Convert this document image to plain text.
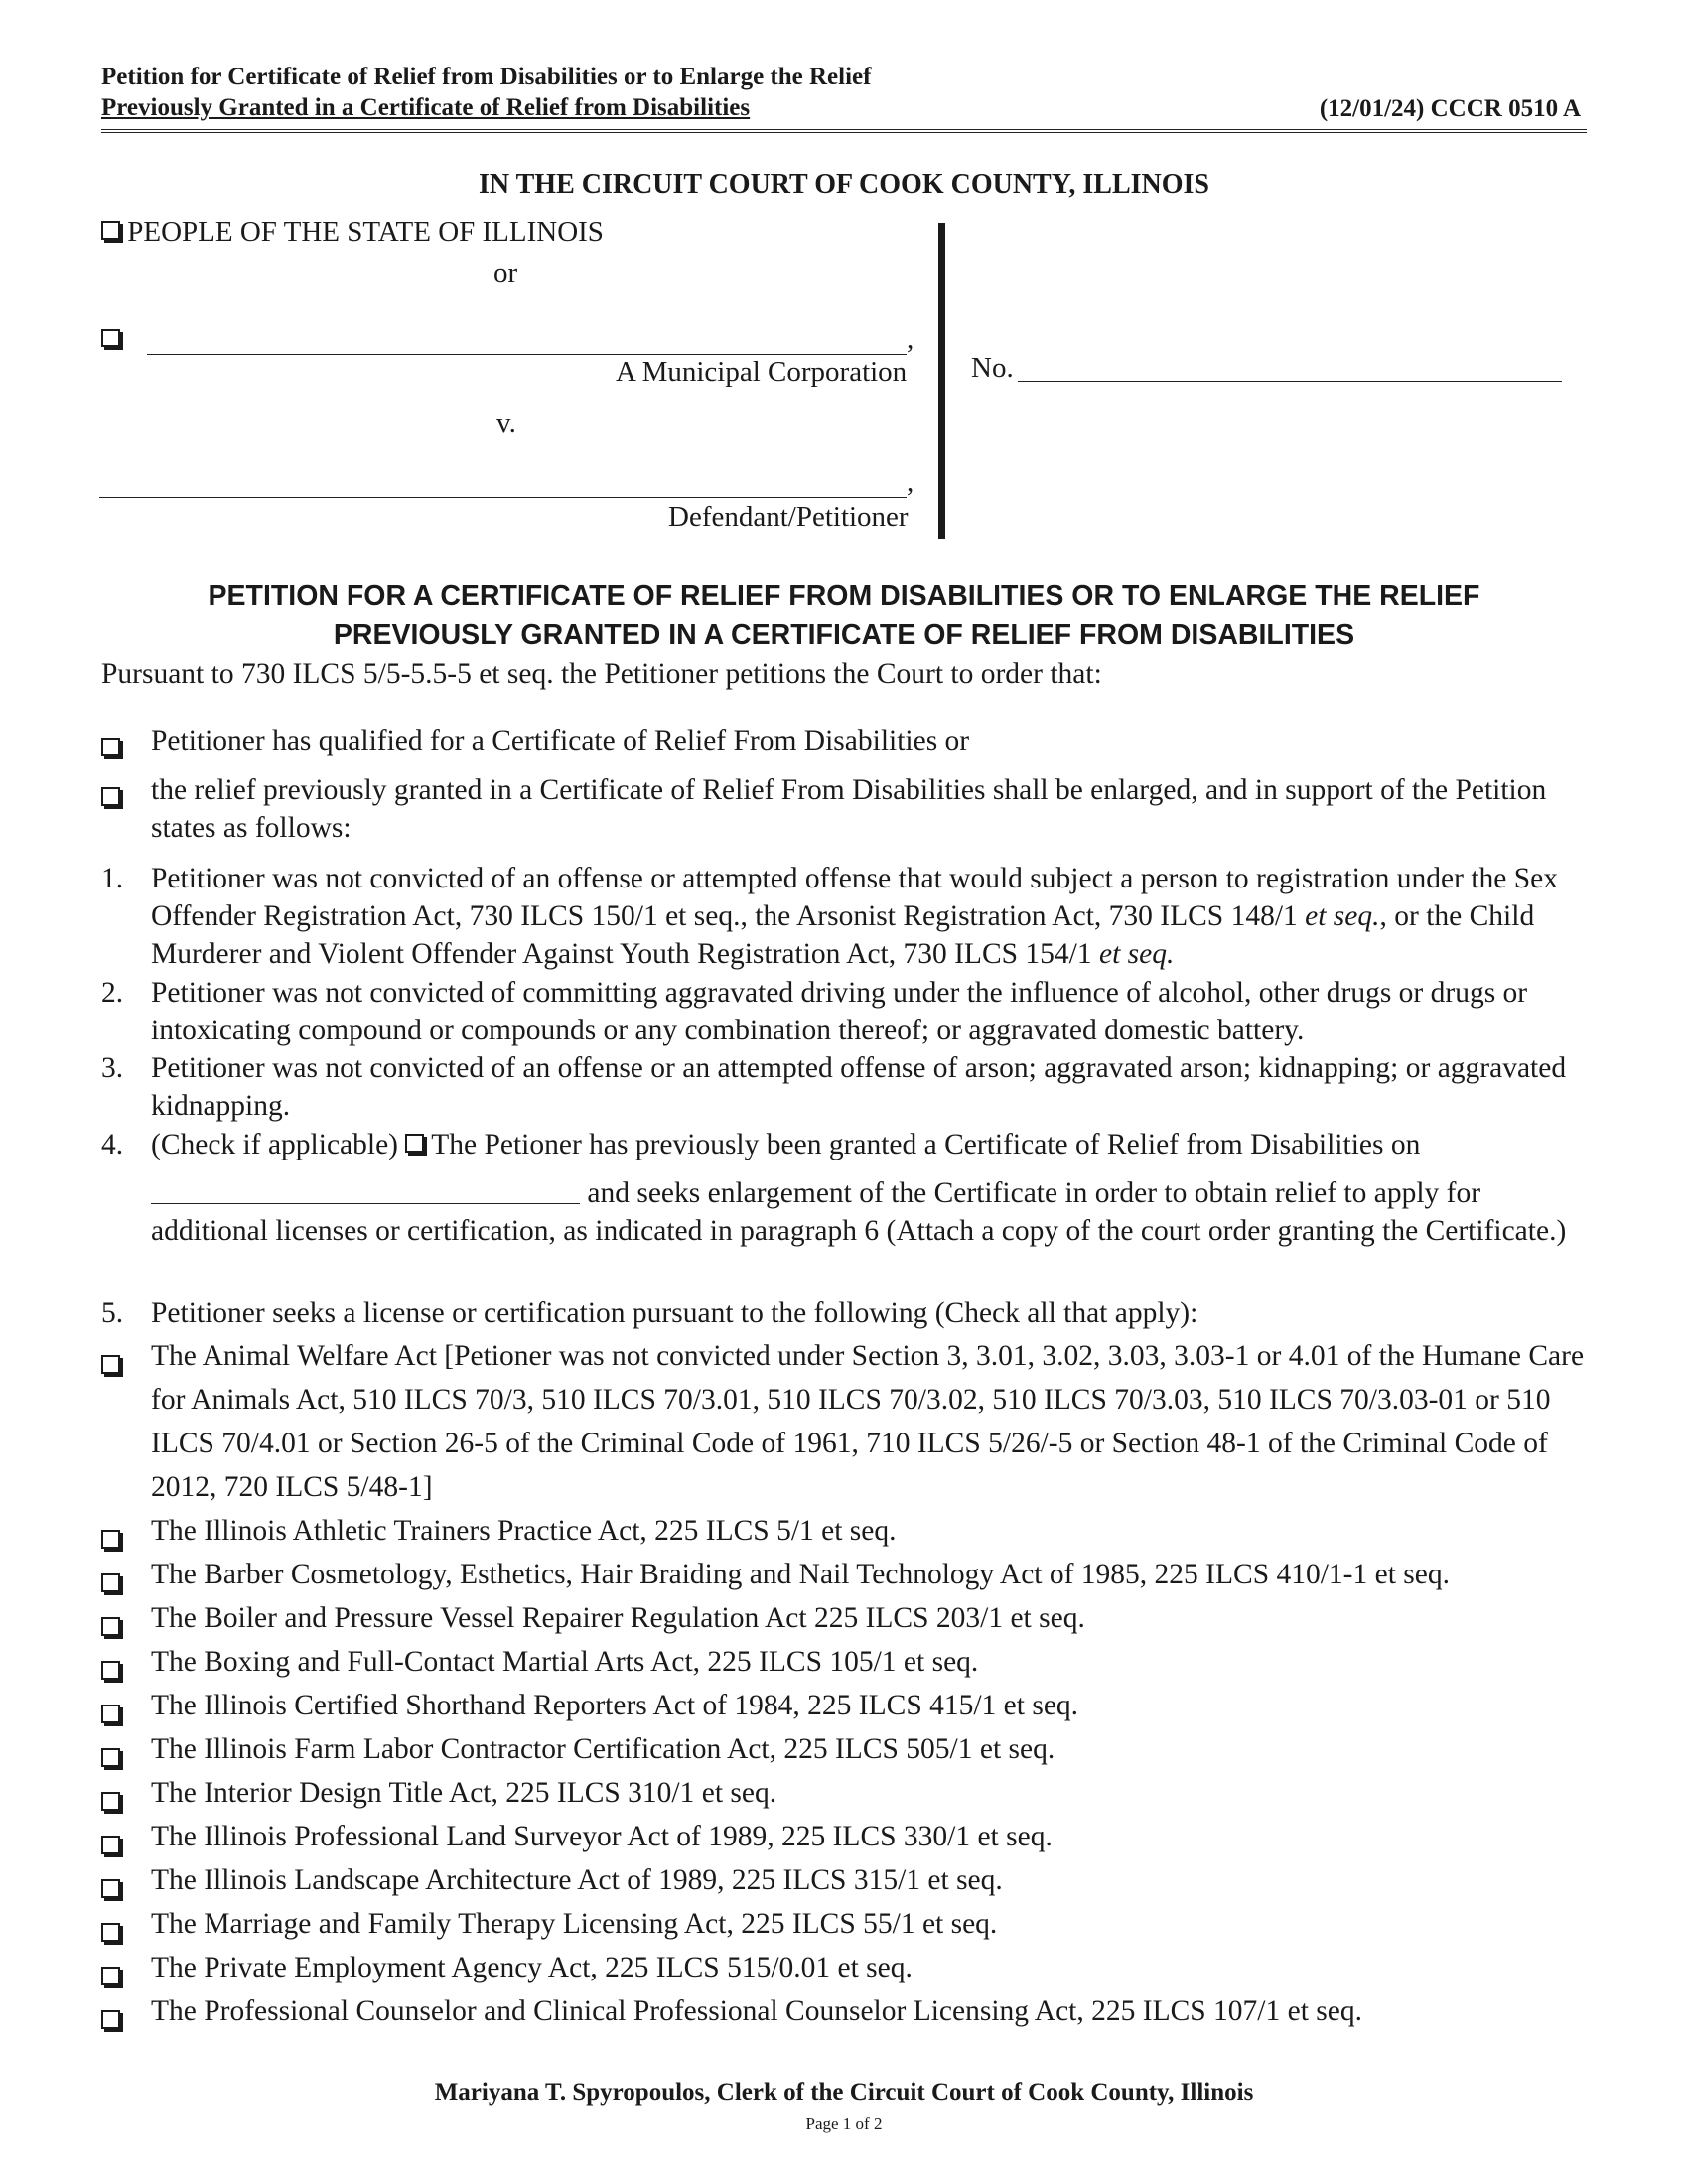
Petition for Certificate of Relief from Disabilities or to Enlarge the Relief
Previously Granted in a Certificate of Relief from Disabilities	(12/01/24) CCCR 0510 A
IN THE CIRCUIT COURT OF COOK COUNTY, ILLINOIS
PEOPLE OF THE STATE OF ILLINOIS
or
,
A Municipal Corporation
v.
,
Defendant/Petitioner
No.
PETITION FOR A CERTIFICATE OF RELIEF FROM DISABILITIES OR TO ENLARGE THE RELIEF
PREVIOUSLY GRANTED IN A CERTIFICATE OF RELIEF FROM DISABILITIES
Pursuant to 730 ILCS 5/5-5.5-5 et seq. the Petitioner petitions the Court to order that:
Petitioner has qualified for a Certificate of Relief From Disabilities or
the relief previously granted in a Certificate of Relief From Disabilities shall be enlarged, and in support of the Petition states as follows:
1. Petitioner was not convicted of an offense or attempted offense that would subject a person to registration under the Sex Offender Registration Act, 730 ILCS 150/1 et seq., the Arsonist Registration Act, 730 ILCS 148/1 et seq., or the Child Murderer and Violent Offender Against Youth Registration Act, 730 ILCS 154/1 et seq.
2. Petitioner was not convicted of committing aggravated driving under the influence of alcohol, other drugs or drugs or intoxicating compound or compounds or any combination thereof; or aggravated domestic battery.
3. Petitioner was not convicted of an offense or an attempted offense of arson; aggravated arson; kidnapping; or aggravated kidnapping.
4. (Check if applicable) The Petioner has previously been granted a Certificate of Relief from Disabilities on
and seeks enlargement of the Certificate in order to obtain relief to apply for additional licenses or certification, as indicated in paragraph 6 (Attach a copy of the court order granting the Certificate.)
5. Petitioner seeks a license or certification pursuant to the following (Check all that apply):
The Animal Welfare Act [Petioner was not convicted under Section 3, 3.01, 3.02, 3.03, 3.03-1 or 4.01 of the Humane Care for Animals Act, 510 ILCS 70/3, 510 ILCS 70/3.01, 510 ILCS 70/3.02, 510 ILCS 70/3.03, 510 ILCS 70/3.03-01 or 510 ILCS 70/4.01 or Section 26-5 of the Criminal Code of 1961, 710 ILCS 5/26/-5 or Section 48-1 of the Criminal Code of 2012, 720 ILCS 5/48-1]
The Illinois Athletic Trainers Practice Act, 225 ILCS 5/1 et seq.
The Barber Cosmetology, Esthetics, Hair Braiding and Nail Technology Act of 1985, 225 ILCS 410/1-1 et seq.
The Boiler and Pressure Vessel Repairer Regulation Act 225 ILCS 203/1 et seq.
The Boxing and Full-Contact Martial Arts Act, 225 ILCS 105/1 et seq.
The Illinois Certified Shorthand Reporters Act of 1984, 225 ILCS 415/1 et seq.
The Illinois Farm Labor Contractor Certification Act, 225 ILCS 505/1 et seq.
The Interior Design Title Act, 225 ILCS 310/1 et seq.
The Illinois Professional Land Surveyor Act of 1989, 225 ILCS 330/1 et seq.
The Illinois Landscape Architecture Act of 1989, 225 ILCS 315/1 et seq.
The Marriage and Family Therapy Licensing Act, 225 ILCS 55/1 et seq.
The Private Employment Agency Act, 225 ILCS 515/0.01 et seq.
The Professional Counselor and Clinical Professional Counselor Licensing Act, 225 ILCS 107/1 et seq.
Mariyana T. Spyropoulos, Clerk of the Circuit Court of Cook County, Illinois
Page 1 of 2
